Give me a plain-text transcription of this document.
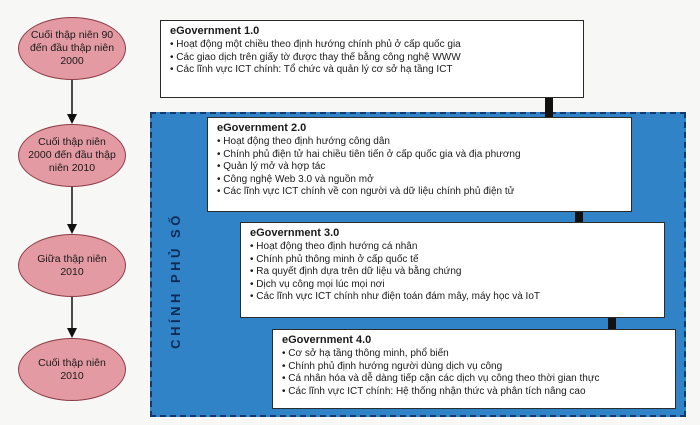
CHÍNH PHỦ SỐ
Cuối thập niên 90 đến đầu thập niên 2000
Cuối thập niên 2000 đến đầu thập niên 2010
Giữa thập niên 2010
Cuối thập niên 2010
eGovernment 1.0
• Hoạt động một chiều theo định hướng chính phủ ở cấp quốc gia
• Các giao dịch trên giấy tờ được thay thế bằng công nghệ WWW
• Các lĩnh vực ICT chính: Tổ chức và quản lý cơ sở hạ tầng ICT
eGovernment 2.0
• Hoạt động theo định hướng công dân
• Chính phủ điện tử hai chiều tiên tiến ở cấp quốc gia và địa phương
• Quản lý mở và hợp tác
• Công nghệ Web 3.0 và nguồn mở
• Các lĩnh vực ICT chính về con người và dữ liệu chính phủ điện tử
eGovernment 3.0
• Hoạt động theo định hướng cá nhân
• Chính phủ thông minh ở cấp quốc tế
• Ra quyết định dựa trên dữ liệu và bằng chứng
• Dịch vụ công mọi lúc mọi nơi
• Các lĩnh vực ICT chính như điện toán đám mây, máy học và IoT
eGovernment 4.0
• Cơ sở hạ tầng thông minh, phổ biến
• Chính phủ định hướng người dùng dịch vụ công
• Cá nhân hóa và dễ dàng tiếp cận các dịch vụ công theo thời gian thực
• Các lĩnh vực ICT chính: Hệ thống nhận thức và phân tích nâng cao
